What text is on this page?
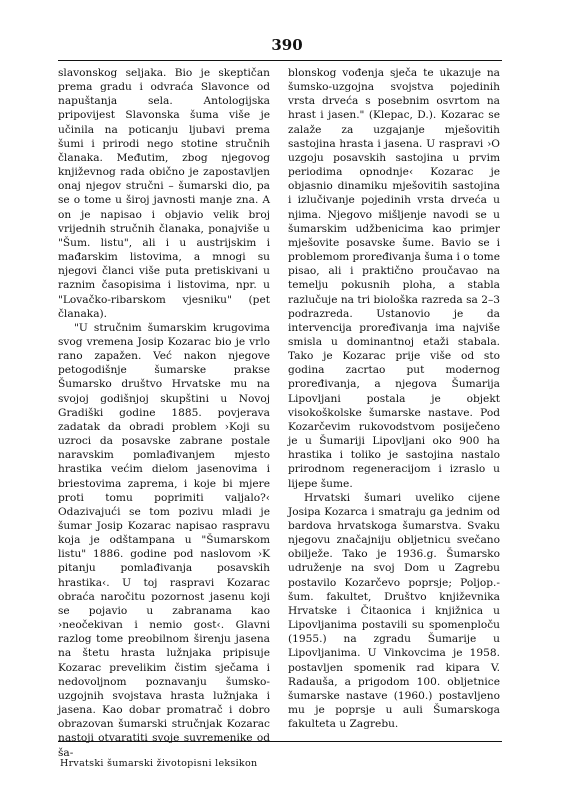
390

slavonskog seljaka. Bio je skeptičan prema gradu i odvraća Slavonce od napuštanja sela. Antologijska pripovijest Slavonska šuma više je učinila na poticanju ljubavi prema šumi i prirodi nego stotine stručnih članaka. Međutim, zbog njegovog književnog rada obično je zapostavljen onaj njegov stručni – šumarski dio, pa se o tome u široj javnosti manje zna. A on je napisao i objavio velik broj vrijednih stručnih članaka, ponajviše u "Šum. listu", ali i u austrijskim i mađarskim listovima, a mnogi su njegovi članci više puta pretiskivani u raznim časopisima i listovima, npr. u "Lovačko-ribarskom vjesniku" (pet članaka).

"U stručnim šumarskim krugovima svog vremena Josip Kozarac bio je vrlo rano zapažen. Već nakon njegove petogodišnje šumarske prakse Šumarsko društvo Hrvatske mu na svojoj godišnjoj skupštini u Novoj Gradiški godine 1885. povjerava zadatak da obradi problem ›Koji su uzroci da posavske zabrane postale naravskim pomlađivanjem mjesto hrastika većim dielom jasenovima i briestovima zaprema, i koje bi mjere proti tomu poprimiti valjalo?‹ Odazivajući se tom pozivu mladi je šumar Josip Kozarac napisao raspravu koja je odštampana u "Šumarskom listu" 1886. godine pod naslovom ›K pitanju pomlađivanja posavskih hrastika‹. U toj raspravi Kozarac obraća naročitu pozornost jasenu koji se pojavio u zabranama kao ›neočekivan i nemio gost‹. Glavni razlog tome preobilnom širenju jasena na štetu hrasta lužnjaka pripisuje Kozarac prevelikim čistim sječama i nedovoljnom poznavanju šumsko-uzgojnih svojstava hrasta lužnjaka i jasena. Kao dobar promatrač i dobro obrazovan šumarski stručnjak Kozarac nastoji otvaratiti svoje suvremenike od ša-

blonskog vođenja sječa te ukazuje na šumsko-uzgojna svojstva pojedinih vrsta drveća s posebnim osvrtom na hrast i jasen." (Klepac, D.). Kozarac se zalaže za uzgajanje mješovitih sastojina hrasta i jasena. U raspravi ›O uzgoju posavskih sastojina u prvim periodima opnodnje‹ Kozarac je objasnio dinamiku mješovitih sastojina i izlučivanje pojedinih vrsta drveća u njima. Njegovo mišljenje navodi se u šumarskim udžbenicima kao primjer mješovite posavske šume. Bavio se i problemom proređivanja šuma i o tome pisao, ali i praktično proučavao na temelju pokusnih ploha, a stabla razlučuje na tri biološka razreda sa 2–3 podrazreda. Ustanovio je da intervencija proređivanja ima najviše smisla u dominantnoj etaži stabala. Tako je Kozarac prije više od sto godina zacrtao put modernog proređivanja, a njegova Šumarija Lipovljani postala je objekt visokoškolske šumarske nastave. Pod Kozarčevim rukovodstvom posiječeno je u Šumariji Lipovljani oko 900 ha hrastika i toliko je sastojina nastalo prirodnom regeneracijom i izraslo u lijepe šume.

Hrvatski šumari uveliko cijene Josipa Kozarca i smatraju ga jednim od bardova hrvatskoga šumarstva. Svaku njegovu značajniju obljetnicu svečano obilježe. Tako je 1936.g. Šumarsko udruženje na svoj Dom u Zagrebu postavilo Kozarčevo poprsje; Poljop.-šum. fakultet, Društvo književnika Hrvatske i Čitaonica i knjižnica u Lipovljanima postavili su spomenploču (1955.) na zgradu Šumarije u Lipovljanima. U Vinkovcima je 1958. postavljen spomenik rad kipara V. Radauša, a prigodom 100. obljetnice šumarske nastave (1960.) postavljeno mu je poprsje u auli Šumarskoga fakulteta u Zagrebu.

Hrvatski šumarski životopisni leksikon
